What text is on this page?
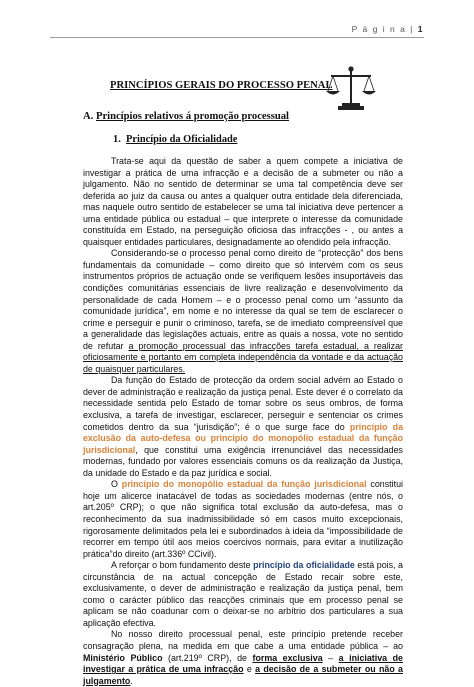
P á g i n a | 1
PRINCÍPIOS GERAIS DO PROCESSO PENAL
A. Princípios relativos á promoção processual
1. Princípio da Oficialidade

Trata-se aqui da questão de saber a quem compete a iniciativa de investigar a prática de uma infracção e a decisão de a submeter ou não a julgamento. Não no sentido de determinar se uma tal competência deve ser deferida ao juiz da causa ou antes a qualquer outra entidade dela diferenciada, mas naquele outro sentido de estabelecer se uma tal iniciativa deve pertencer a uma entidade pública ou estadual – que interprete o interesse da comunidade constituída em Estado, na perseguição oficiosa das infracções - , ou antes a quaisquer entidades particulares, designadamente ao ofendido pela infracção.

Considerando-se o processo penal como direito de “protecção” dos bens fundamentais da comunidade – como direito que só intervém com os seus instrumentos próprios de actuação onde se verifiquem lesões insuportáveis das condições comunitárias essenciais de livre realização e desenvolvimento da personalidade de cada Homem – e o processo penal como um “assunto da comunidade jurídica”, em nome e no interesse da qual se tem de esclarecer o crime e perseguir e punir o criminoso, tarefa, se de imediato compreensível que a generalidade das legislações actuais, entre as quais a nossa, vote no sentido de refutar a promoção processual das infracções tarefa estadual, a realizar oficiosamente e portanto em completa independência da vontade e da actuação de quaisquer particulares.

Da função do Estado de protecção da ordem social advém ao Estado o dever de administração e realização da justiça penal. Este dever é o correlato da necessidade sentida pelo Estado de tomar sobre os seus ombros, de forma exclusiva, a tarefa de investigar, esclarecer, perseguir e sentenciar os crimes cometidos dentro da sua “jurisdição”; é o que surge face do princípio da exclusão da auto-defesa ou princípio do monopólio estadual da função jurisdicional, que constitui uma exigência irrenunciável das necessidades modernas, fundado por valores essenciais comuns os da realização da Justiça, da unidade do Estado e da paz jurídica e social.

O princípio do monopólio estadual da função jurisdicional constitui hoje um alicerce inatacável de todas as sociedades modernas (entre nós, o art.205º CRP); o que não significa total exclusão da auto-defesa, mas o reconhecimento da sua inadmissibilidade só em casos muito excepcionais, rigorosamente delimitados pela lei e subordinados à ideia da “impossibilidade de recorrer em tempo útil aos meios coercivos normais, para evitar a inutilização prática”do direito (art.336º CCivil).

A reforçar o bom fundamento deste princípio da oficialidade está pois, a circunstância de na actual concepção de Estado recair sobre este, exclusivamente, o dever de administração e realização da justiça penal, bem como o carácter público das reacções criminais que em processo penal se aplicam se não coadunar com o deixar-se no arbítrio dos particulares a sua aplicação efectiva.

No nosso direito processual penal, este princípio pretende receber consagração plena, na medida em que cabe a uma entidade pública – ao Ministério Público (art.219º CRP), de forma exclusiva – a iniciativa de investigar a prática de uma infracção e a decisão de a submeter ou não a julgamento.
